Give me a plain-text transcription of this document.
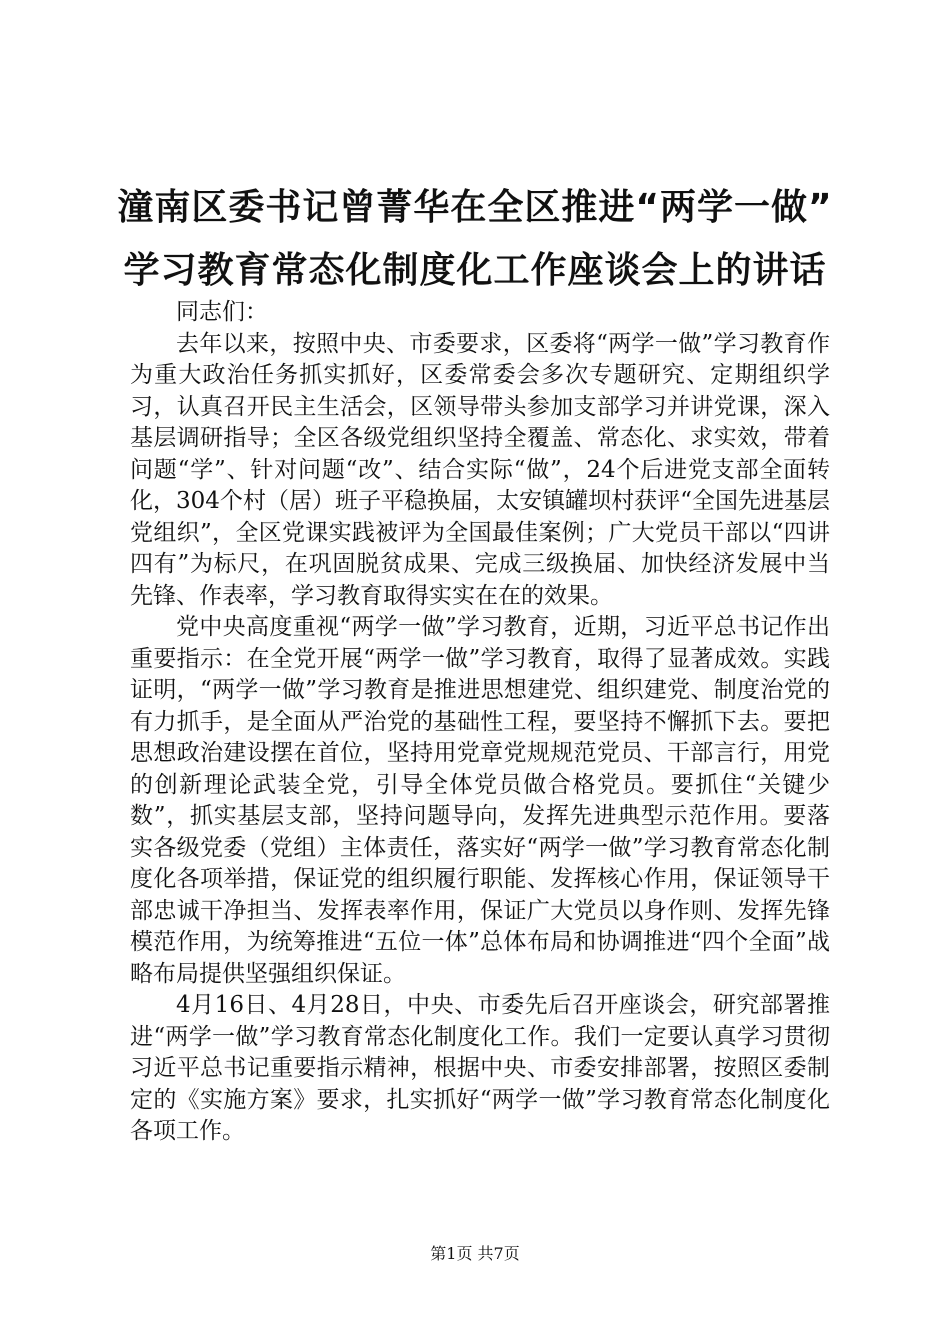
潼南区委书记曾菁华在全区推进“两学一做”
学习教育常态化制度化工作座谈会上的讲话

同志们：

去年以来，按照中央、市委要求，区委将“两学一做”学习教育作为重大政治任务抓实抓好，区委常委会多次专题研究、定期组织学习，认真召开民主生活会，区领导带头参加支部学习并讲党课，深入基层调研指导；全区各级党组织坚持全覆盖、常态化、求实效，带着问题“学”、针对问题“改”、结合实际“做”，24个后进党支部全面转化，304个村（居）班子平稳换届，太安镇罐坝村获评“全国先进基层党组织”，全区党课实践被评为全国最佳案例；广大党员干部以“四讲四有”为标尺，在巩固脱贫成果、完成三级换届、加快经济发展中当先锋、作表率，学习教育取得实实在在的效果。

党中央高度重视“两学一做”学习教育，近期，习近平总书记作出重要指示：在全党开展“两学一做”学习教育，取得了显著成效。实践证明，“两学一做”学习教育是推进思想建党、组织建党、制度治党的有力抓手，是全面从严治党的基础性工程，要坚持不懈抓下去。要把思想政治建设摆在首位，坚持用党章党规规范党员、干部言行，用党的创新理论武装全党，引导全体党员做合格党员。要抓住“关键少数”，抓实基层支部，坚持问题导向，发挥先进典型示范作用。要落实各级党委（党组）主体责任，落实好“两学一做”学习教育常态化制度化各项举措，保证党的组织履行职能、发挥核心作用，保证领导干部忠诚干净担当、发挥表率作用，保证广大党员以身作则、发挥先锋模范作用，为统筹推进“五位一体”总体布局和协调推进“四个全面”战略布局提供坚强组织保证。

4月16日、4月28日，中央、市委先后召开座谈会，研究部署推进“两学一做”学习教育常态化制度化工作。我们一定要认真学习贯彻习近平总书记重要指示精神，根据中央、市委安排部署，按照区委制定的《实施方案》要求，扎实抓好“两学一做”学习教育常态化制度化各项工作。

第1页 共7页
